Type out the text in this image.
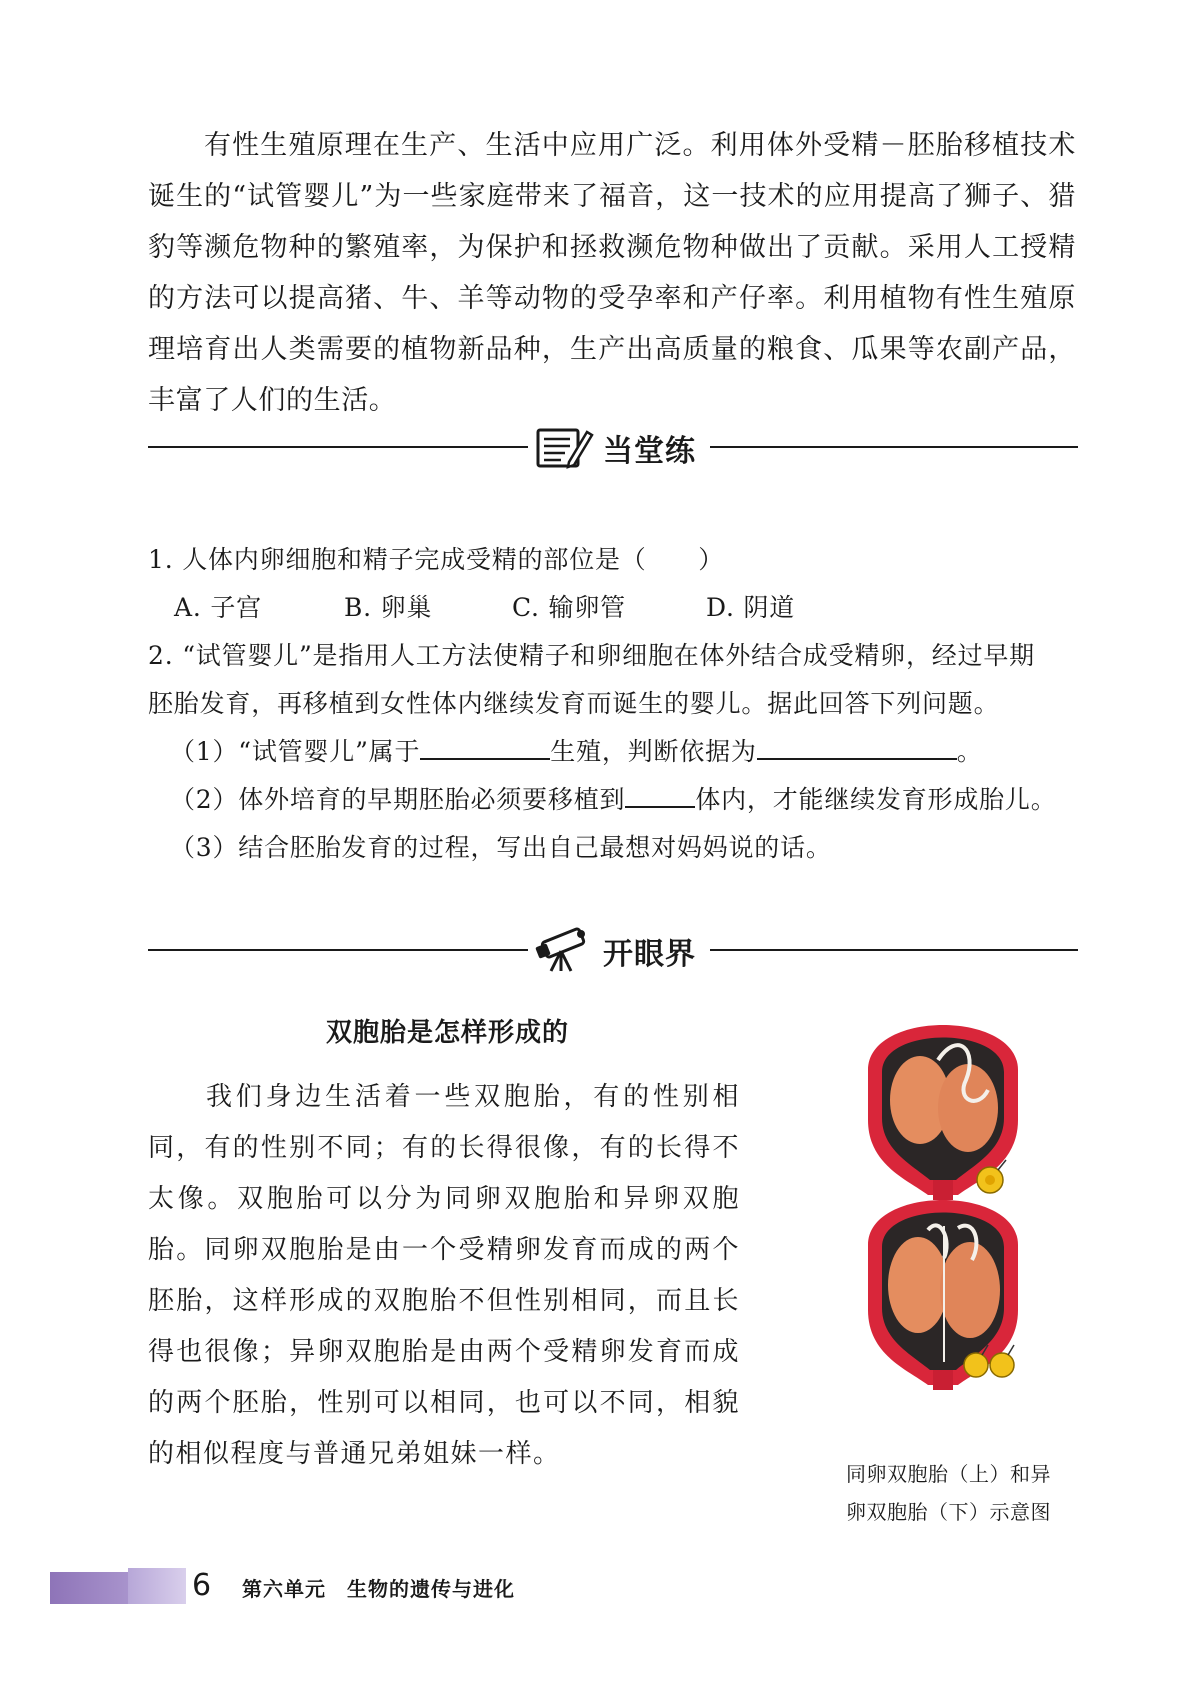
有性生殖原理在生产、生活中应用广泛。利用体外受精－胚胎移植技术诞生的“试管婴儿”为一些家庭带来了福音，这一技术的应用提高了狮子、猎豹等濒危物种的繁殖率，为保护和拯救濒危物种做出了贡献。采用人工授精的方法可以提高猪、牛、羊等动物的受孕率和产仔率。利用植物有性生殖原理培育出人类需要的植物新品种，生产出高质量的粮食、瓜果等农副产品，丰富了人们的生活。

当堂练
1. 人体内卵细胞和精子完成受精的部位是（　　）
A. 子宫	B. 卵巢	C. 输卵管	D. 阴道
2. “试管婴儿”是指用人工方法使精子和卵细胞在体外结合成受精卵，经过早期
胚胎发育，再移植到女性体内继续发育而诞生的婴儿。据此回答下列问题。
（1）“试管婴儿”属于	生殖，判断依据为	。
（2）体外培育的早期胚胎必须要移植到	体内，才能继续发育形成胎儿。
（3）结合胚胎发育的过程，写出自己最想对妈妈说的话。
开眼界
双胞胎是怎样形成的

我们身边生活着一些双胞胎，有的性别相同，有的性别不同；有的长得很像，有的长得不太像。双胞胎可以分为同卵双胞胎和异卵双胞胎。同卵双胞胎是由一个受精卵发育而成的两个胚胎，这样形成的双胞胎不但性别相同，而且长得也很像；异卵双胞胎是由两个受精卵发育而成的两个胚胎，性别可以相同，也可以不同，相貌的相似程度与普通兄弟姐妹一样。

同卵双胞胎（上）和异
卵双胞胎（下）示意图
6 第六单元　生物的遗传与进化
